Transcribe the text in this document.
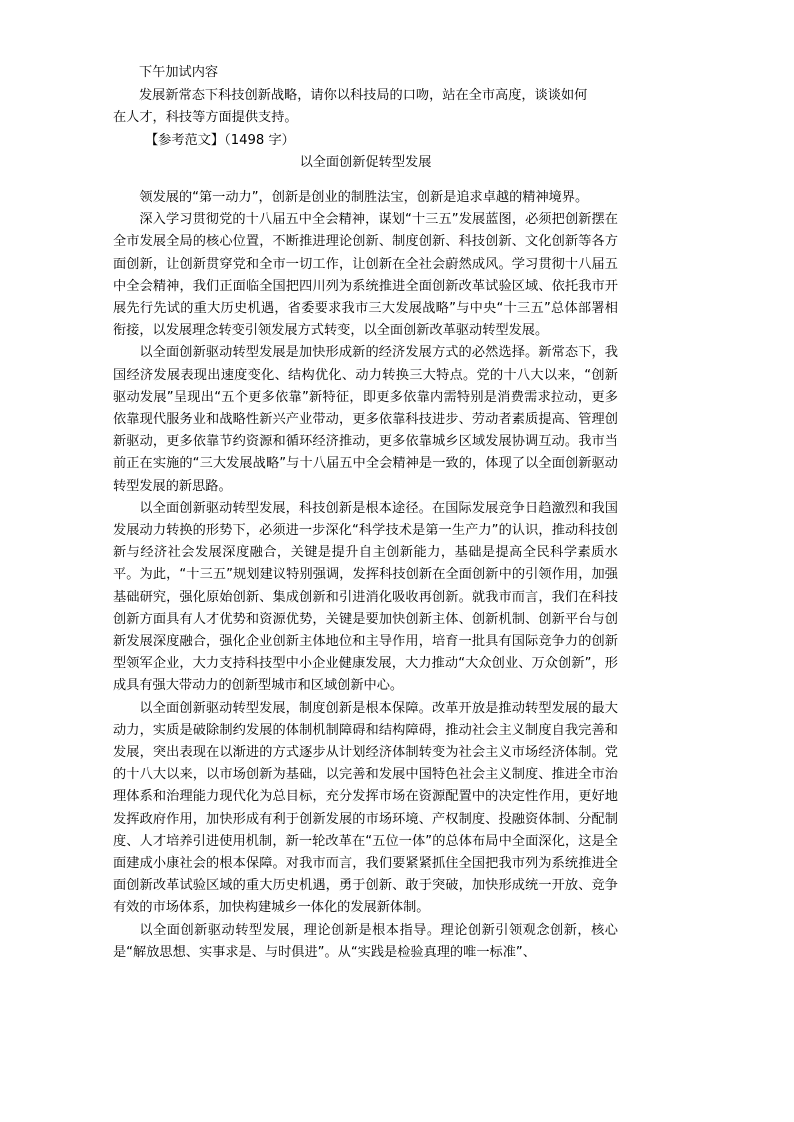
下午加试内容

发展新常态下科技创新战略，请你以科技局的口吻，站在全市高度，谈谈如何

在人才，科技等方面提供支持。

【参考范文】（1498 字）

以全面创新促转型发展

领发展的“第一动力”，创新是创业的制胜法宝，创新是追求卓越的精神境界。

深入学习贯彻党的十八届五中全会精神，谋划“十三五”发展蓝图，必须把创新摆在全市发展全局的核心位置，不断推进理论创新、制度创新、科技创新、文化创新等各方面创新，让创新贯穿党和全市一切工作，让创新在全社会蔚然成风。学习贯彻十八届五中全会精神，我们正面临全国把四川列为系统推进全面创新改革试验区域、依托我市开展先行先试的重大历史机遇，省委要求我市三大发展战略”与中央“十三五”总体部署相衔接，以发展理念转变引领发展方式转变，以全面创新改革驱动转型发展。

以全面创新驱动转型发展是加快形成新的经济发展方式的必然选择。新常态下，我国经济发展表现出速度变化、结构优化、动力转换三大特点。党的十八大以来，“创新驱动发展”呈现出“五个更多依靠”新特征，即更多依靠内需特别是消费需求拉动，更多依靠现代服务业和战略性新兴产业带动，更多依靠科技进步、劳动者素质提高、管理创新驱动，更多依靠节约资源和循环经济推动，更多依靠城乡区域发展协调互动。我市当前正在实施的“三大发展战略”与十八届五中全会精神是一致的，体现了以全面创新驱动转型发展的新思路。

以全面创新驱动转型发展，科技创新是根本途径。在国际发展竞争日趋激烈和我国发展动力转换的形势下，必须进一步深化“科学技术是第一生产力”的认识，推动科技创新与经济社会发展深度融合，关键是提升自主创新能力，基础是提高全民科学素质水平。为此，“十三五”规划建议特别强调，发挥科技创新在全面创新中的引领作用，加强基础研究，强化原始创新、集成创新和引进消化吸收再创新。就我市而言，我们在科技创新方面具有人才优势和资源优势，关键是要加快创新主体、创新机制、创新平台与创新发展深度融合，强化企业创新主体地位和主导作用，培育一批具有国际竞争力的创新型领军企业，大力支持科技型中小企业健康发展，大力推动“大众创业、万众创新”，形成具有强大带动力的创新型城市和区域创新中心。

以全面创新驱动转型发展，制度创新是根本保障。改革开放是推动转型发展的最大动力，实质是破除制约发展的体制机制障碍和结构障碍，推动社会主义制度自我完善和发展，突出表现在以渐进的方式逐步从计划经济体制转变为社会主义市场经济体制。党的十八大以来，以市场创新为基础，以完善和发展中国特色社会主义制度、推进全市治理体系和治理能力现代化为总目标，充分发挥市场在资源配置中的决定性作用，更好地发挥政府作用，加快形成有利于创新发展的市场环境、产权制度、投融资体制、分配制度、人才培养引进使用机制，新一轮改革在“五位一体”的总体布局中全面深化，这是全面建成小康社会的根本保障。对我市而言，我们要紧紧抓住全国把我市列为系统推进全面创新改革试验区域的重大历史机遇，勇于创新、敢于突破，加快形成统一开放、竞争有效的市场体系，加快构建城乡一体化的发展新体制。

以全面创新驱动转型发展，理论创新是根本指导。理论创新引领观念创新，核心是“解放思想、实事求是、与时俱进”。从“实践是检验真理的唯一标准”、
